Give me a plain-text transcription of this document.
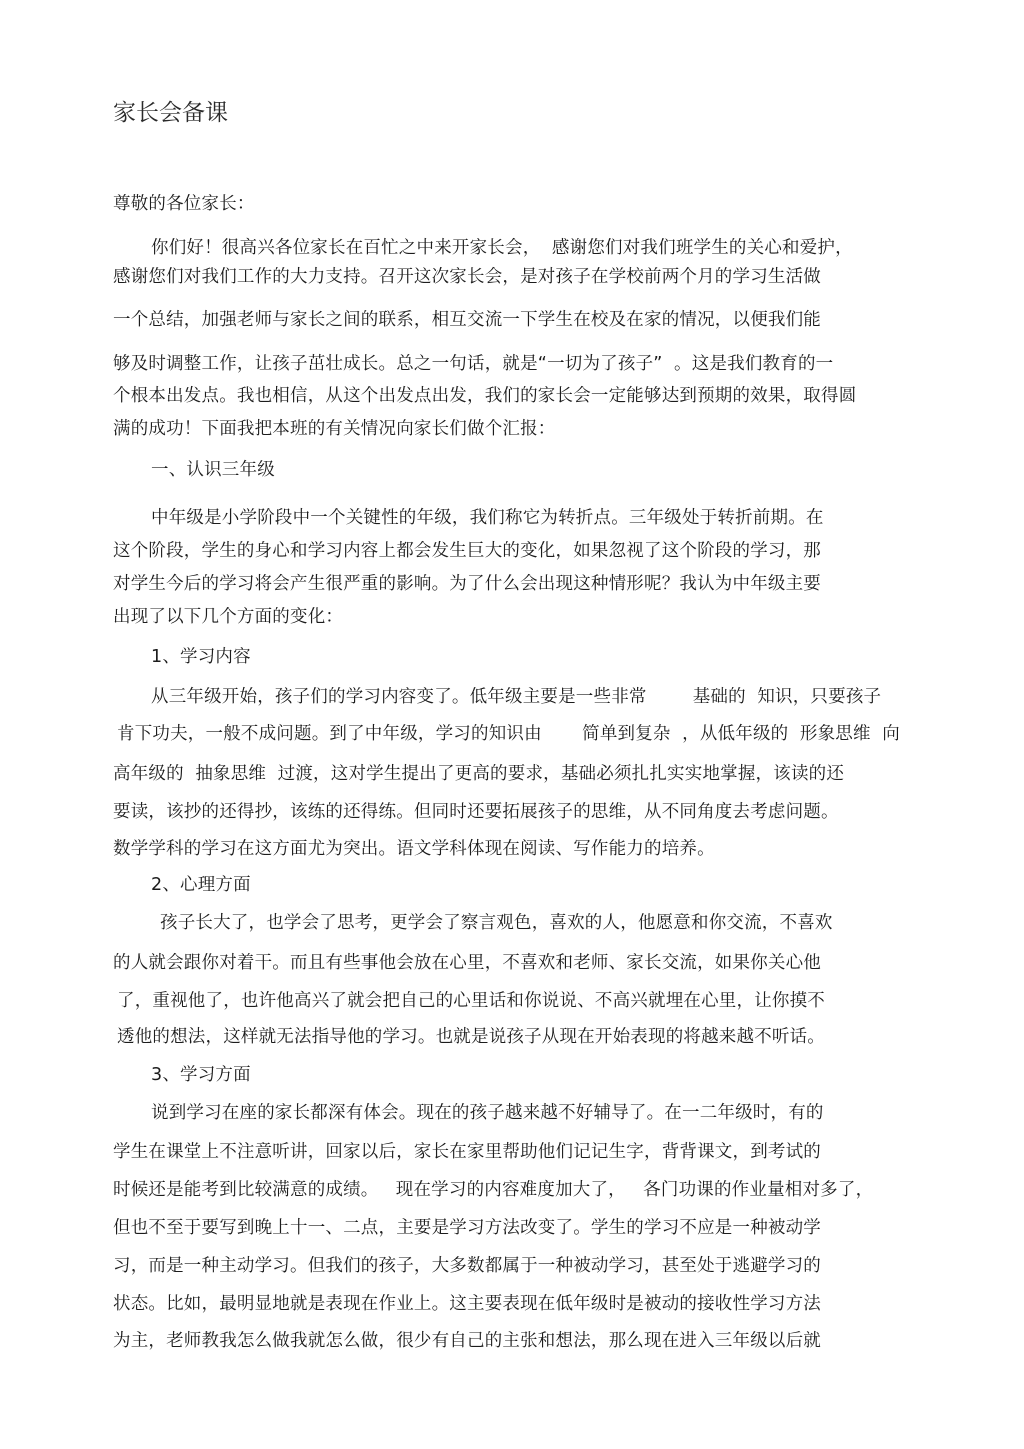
家长会备课
尊敬的各位家长：
你们好！很高兴各位家长在百忙之中来开家长会，  感谢您们对我们班学生的关心和爱护，
感谢您们对我们工作的大力支持。召开这次家长会，是对孩子在学校前两个月的学习生活做
一个总结，加强老师与家长之间的联系，相互交流一下学生在校及在家的情况，以便我们能
够及时调整工作，让孩子茁壮成长。总之一句话，就是“一切为了孩子”  。这是我们教育的一
个根本出发点。我也相信，从这个出发点出发，我们的家长会一定能够达到预期的效果，取得圆
满的成功！下面我把本班的有关情况向家长们做个汇报：
一、认识三年级
中年级是小学阶段中一个关键性的年级，我们称它为转折点。三年级处于转折前期。在
这个阶段，学生的身心和学习内容上都会发生巨大的变化，如果忽视了这个阶段的学习，那
对学生今后的学习将会产生很严重的影响。为了什么会出现这种情形呢？我认为中年级主要
出现了以下几个方面的变化：
1、学习内容
从三年级开始，孩子们的学习内容变了。低年级主要是一些非常        基础的  知识，只要孩子
肯下功夫，一般不成问题。到了中年级，学习的知识由       简单到复杂  ，从低年级的  形象思维  向
高年级的  抽象思维  过渡，这对学生提出了更高的要求，基础必须扎扎实实地掌握，该读的还
要读，该抄的还得抄，该练的还得练。但同时还要拓展孩子的思维，从不同角度去考虑问题。
数学学科的学习在这方面尤为突出。语文学科体现在阅读、写作能力的培养。
2、心理方面
孩子长大了，也学会了思考，更学会了察言观色，喜欢的人，他愿意和你交流，不喜欢
的人就会跟你对着干。而且有些事他会放在心里，不喜欢和老师、家长交流，如果你关心他
了，重视他了，也许他高兴了就会把自己的心里话和你说说、不高兴就埋在心里，让你摸不
透他的想法，这样就无法指导他的学习。也就是说孩子从现在开始表现的将越来越不听话。
3、学习方面
说到学习在座的家长都深有体会。现在的孩子越来越不好辅导了。在一二年级时，有的
学生在课堂上不注意听讲，回家以后，家长在家里帮助他们记记生字，背背课文，到考试的
时候还是能考到比较满意的成绩。   现在学习的内容难度加大了，   各门功课的作业量相对多了，
但也不至于要写到晚上十一、二点，主要是学习方法改变了。学生的学习不应是一种被动学
习，而是一种主动学习。但我们的孩子，大多数都属于一种被动学习，甚至处于逃避学习的
状态。比如，最明显地就是表现在作业上。这主要表现在低年级时是被动的接收性学习方法
为主，老师教我怎么做我就怎么做，很少有自己的主张和想法，那么现在进入三年级以后就
